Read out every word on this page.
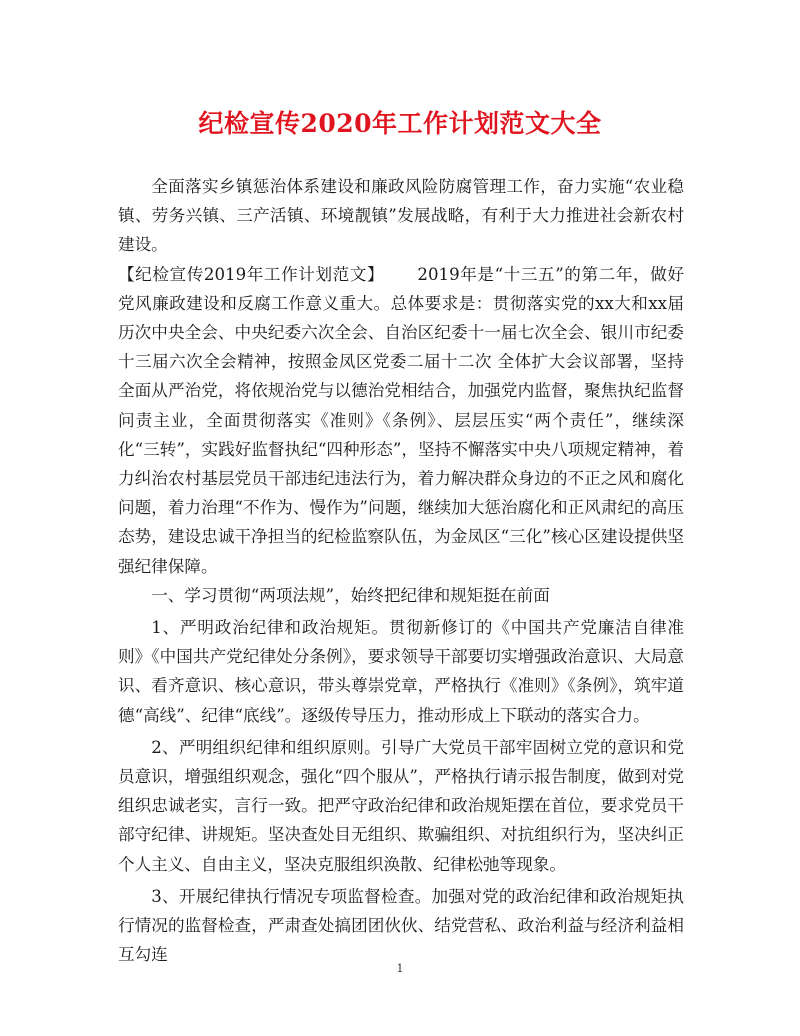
纪检宣传2020年工作计划范文大全

全面落实乡镇惩治体系建设和廉政风险防腐管理工作，奋力实施“农业稳镇、劳务兴镇、三产活镇、环境靓镇”发展战略，有利于大力推进社会新农村建设。

【纪检宣传2019年工作计划范文】 2019年是“十三五”的第二年，做好党风廉政建设和反腐工作意义重大。总体要求是：贯彻落实党的xx大和xx届历次中央全会、中央纪委六次全会、自治区纪委十一届七次全会、银川市纪委十三届六次全会精神，按照金凤区党委二届十二次 全体扩大会议部署，坚持全面从严治党，将依规治党与以德治党相结合，加强党内监督，聚焦执纪监督问责主业，全面贯彻落实《准则》《条例》、层层压实“两个责任”，继续深化“三转”，实践好监督执纪“四种形态”，坚持不懈落实中央八项规定精神，着力纠治农村基层党员干部违纪违法行为，着力解决群众身边的不正之风和腐化问题，着力治理“不作为、慢作为”问题，继续加大惩治腐化和正风肃纪的高压态势，建设忠诚干净担当的纪检监察队伍，为金凤区“三化”核心区建设提供坚强纪律保障。

一、学习贯彻“两项法规”，始终把纪律和规矩挺在前面

1、严明政治纪律和政治规矩。贯彻新修订的《中国共产党廉洁自律准则》《中国共产党纪律处分条例》，要求领导干部要切实增强政治意识、大局意识、看齐意识、核心意识，带头尊崇党章，严格执行《准则》《条例》，筑牢道德“高线”、纪律“底线”。逐级传导压力，推动形成上下联动的落实合力。

2、严明组织纪律和组织原则。引导广大党员干部牢固树立党的意识和党员意识，增强组织观念，强化“四个服从”，严格执行请示报告制度，做到对党组织忠诚老实，言行一致。把严守政治纪律和政治规矩摆在首位，要求党员干部守纪律、讲规矩。坚决查处目无组织、欺骗组织、对抗组织行为，坚决纠正个人主义、自由主义，坚决克服组织涣散、纪律松弛等现象。

3、开展纪律执行情况专项监督检查。加强对党的政治纪律和政治规矩执行情况的监督检查，严肃查处搞团团伙伙、结党营私、政治利益与经济利益相互勾连

1
